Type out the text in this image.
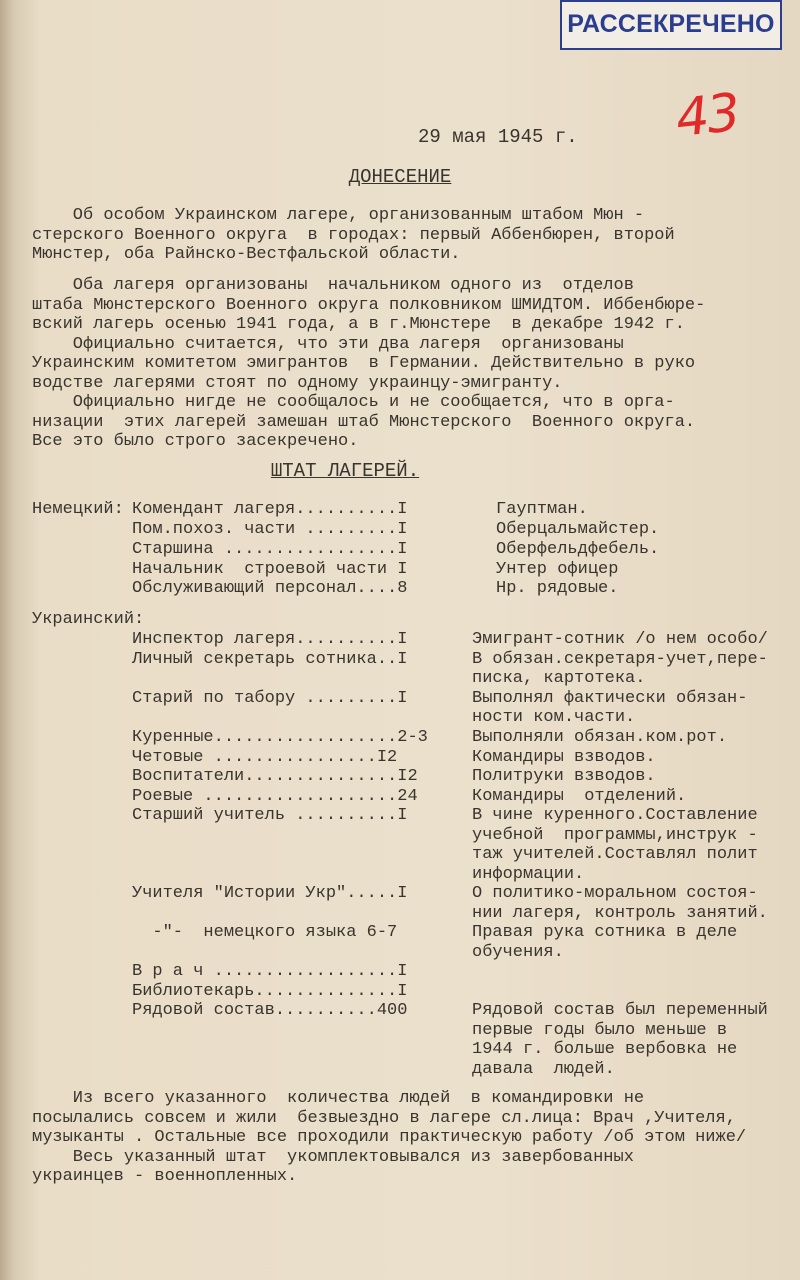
РАССЕКРЕЧЕНО
43
29 мая 1945 г.
ДОНЕСЕНИЕ

Об особом Украинском лагере, организованным штабом Мюн -

стерского Военного округа  в городах: первый Аббенбюрен, второй

Мюнстер, оба Райнско-Вестфальской области.

Оба лагеря организованы  начальником одного из  отделов

штаба Мюнстерского Военного округа полковником ШМИДТОМ. Иббенбюре-

вский лагерь осенью 1941 года, а в г.Мюнстере  в декабре 1942 г.

Официально считается, что эти два лагеря  организованы

Украинским комитетом эмигрантов  в Германии. Действительно в руко

водстве лагерями стоят по одному украинцу-эмигранту.

Официально нигде не сообщалось и не сообщается, что в орга-

низации  этих лагерей замешан штаб Мюнстерского  Военного округа.

Все это было строго засекречено.

ШТАТ ЛАГЕРЕЙ.
Немецкий: Комендант лагеря..........I	Гауптман.
Пом.похоз. части .........I	Оберцальмайстер.
Старшина .................I	Оберфельдфебель.
Начальник  строевой части I	Унтер офицер
Обслуживающий персонал....8	Нр. рядовые.
Украинский:
Инспектор лагеря..........I	Эмигрант-сотник /о нем особо/
Личный секретарь сотника..I	В обязан.секретаря-учет,пере-
писка, картотека.
Старий по табору .........I	Выполнял фактически обязан-
ности ком.части.
Куренные..................2-3	Выполняли обязан.ком.рот.
Четовые ................I2	Командиры взводов.
Воспитатели...............I2	Политруки взводов.
Роевые ...................24	Командиры  отделений.
Старший учитель ..........I	В чине куренного.Составление
учебной  программы,инструк -
таж учителей.Составлял полит
информации.
Учителя "Истории Укр".....I	О политико-моральном состоя-
нии лагеря, контроль занятий.
-"-  немецкого языка 6-7	Правая рука сотника в деле
обучения.
В р а ч ..................I
Библиотекарь..............I
Рядовой состав..........400	Рядовой состав был переменный
первые годы было меньше в
1944 г. больше вербовка не
давала  людей.

Из всего указанного  количества людей  в командировки не

посылались совсем и жили  безвыездно в лагере сл.лица: Врач ,Учителя,

музыканты . Остальные все проходили практическую работу /об этом ниже/

Весь указанный штат  укомплектовывался из завербованных

украинцев - военнопленных.
